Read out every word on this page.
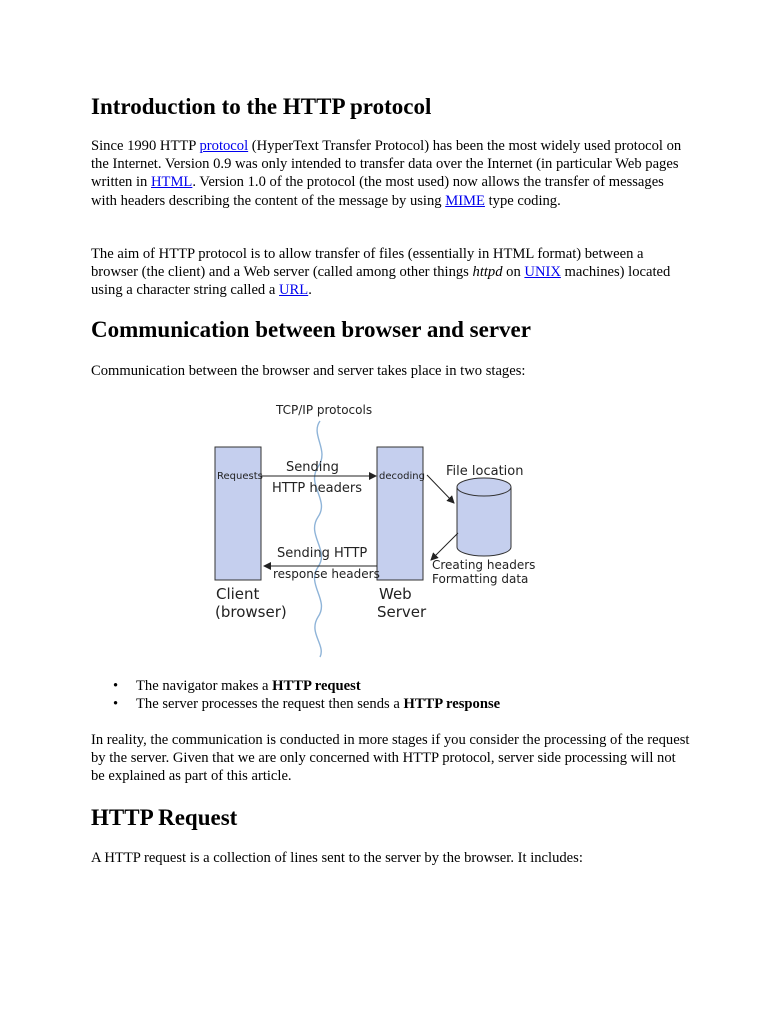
Introduction to the HTTP protocol

Since 1990 HTTP protocol (HyperText Transfer Protocol) has been the most widely used protocol on the Internet. Version 0.9 was only intended to transfer data over the Internet (in particular Web pages written in HTML. Version 1.0 of the protocol (the most used) now allows the transfer of messages with headers describing the content of the message by using MIME type coding.

The aim of HTTP protocol is to allow transfer of files (essentially in HTML format) between a browser (the client) and a Web server (called among other things httpd on UNIX machines) located using a character string called a URL.

Communication between browser and server

Communication between the browser and server takes place in two stages:

TCP/IP protocols
Requests	decoding
Sending
HTTP headers
Sending HTTP
response headers
File location
Creating headers
Formatting data
Client
(browser)
Web
Server
• The navigator makes a HTTP request
• The server processes the request then sends a HTTP response

In reality, the communication is conducted in more stages if you consider the processing of the request by the server. Given that we are only concerned with HTTP protocol, server side processing will not be explained as part of this article.

HTTP Request

A HTTP request is a collection of lines sent to the server by the browser. It includes:
